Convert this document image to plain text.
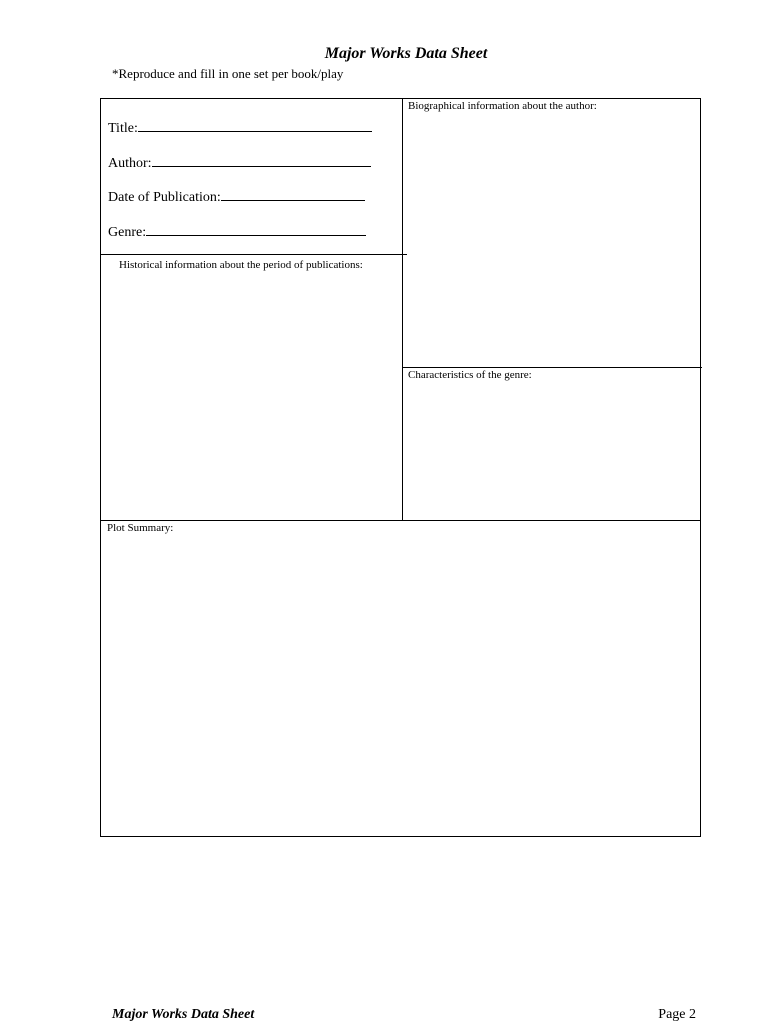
Major Works Data Sheet
*Reproduce and fill in one set per book/play
Title:
Author:
Date of Publication:
Genre:
Biographical information about the author:
Historical information about the period of publications:
Characteristics of the genre:
Plot Summary:
Major Works Data Sheet	Page 2
